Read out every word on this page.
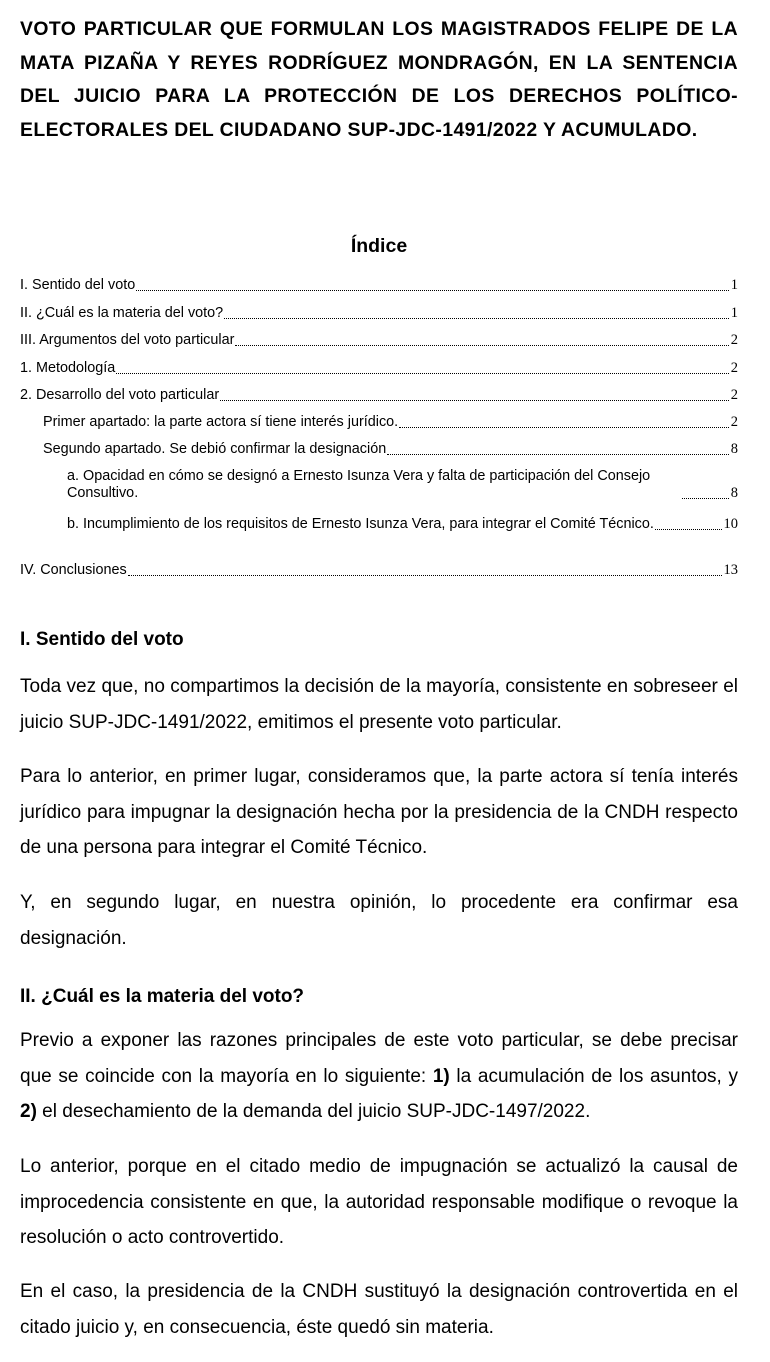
VOTO PARTICULAR QUE FORMULAN LOS MAGISTRADOS FELIPE DE LA MATA PIZAÑA Y REYES RODRÍGUEZ MONDRAGÓN, EN LA SENTENCIA DEL JUICIO PARA LA PROTECCIÓN DE LOS DERECHOS POLÍTICO-ELECTORALES DEL CIUDADANO SUP-JDC-1491/2022 Y ACUMULADO.
Índice
I. Sentido del voto	1
II. ¿Cuál es la materia del voto?	1
III. Argumentos del voto particular	2
1. Metodología	2
2. Desarrollo del voto particular	2
Primer apartado: la parte actora sí tiene interés jurídico.	2
Segundo apartado. Se debió confirmar la designación	8
a. Opacidad en cómo se designó a Ernesto Isunza Vera y falta de participación del Consejo Consultivo.	8
b. Incumplimiento de los requisitos de Ernesto Isunza Vera, para integrar el Comité Técnico.	10
IV. Conclusiones	13
I. Sentido del voto

Toda vez que, no compartimos la decisión de la mayoría, consistente en sobreseer el juicio SUP-JDC-1491/2022, emitimos el presente voto particular.

Para lo anterior, en primer lugar, consideramos que, la parte actora sí tenía interés jurídico para impugnar la designación hecha por la presidencia de la CNDH respecto de una persona para integrar el Comité Técnico.

Y, en segundo lugar, en nuestra opinión, lo procedente era confirmar esa designación.

II. ¿Cuál es la materia del voto?

Previo a exponer las razones principales de este voto particular, se debe precisar que se coincide con la mayoría en lo siguiente: 1) la acumulación de los asuntos, y 2) el desechamiento de la demanda del juicio SUP-JDC-1497/2022.

Lo anterior, porque en el citado medio de impugnación se actualizó la causal de improcedencia consistente en que, la autoridad responsable modifique o revoque la resolución o acto controvertido.

En el caso, la presidencia de la CNDH sustituyó la designación controvertida en el citado juicio y, en consecuencia, éste quedó sin materia.
